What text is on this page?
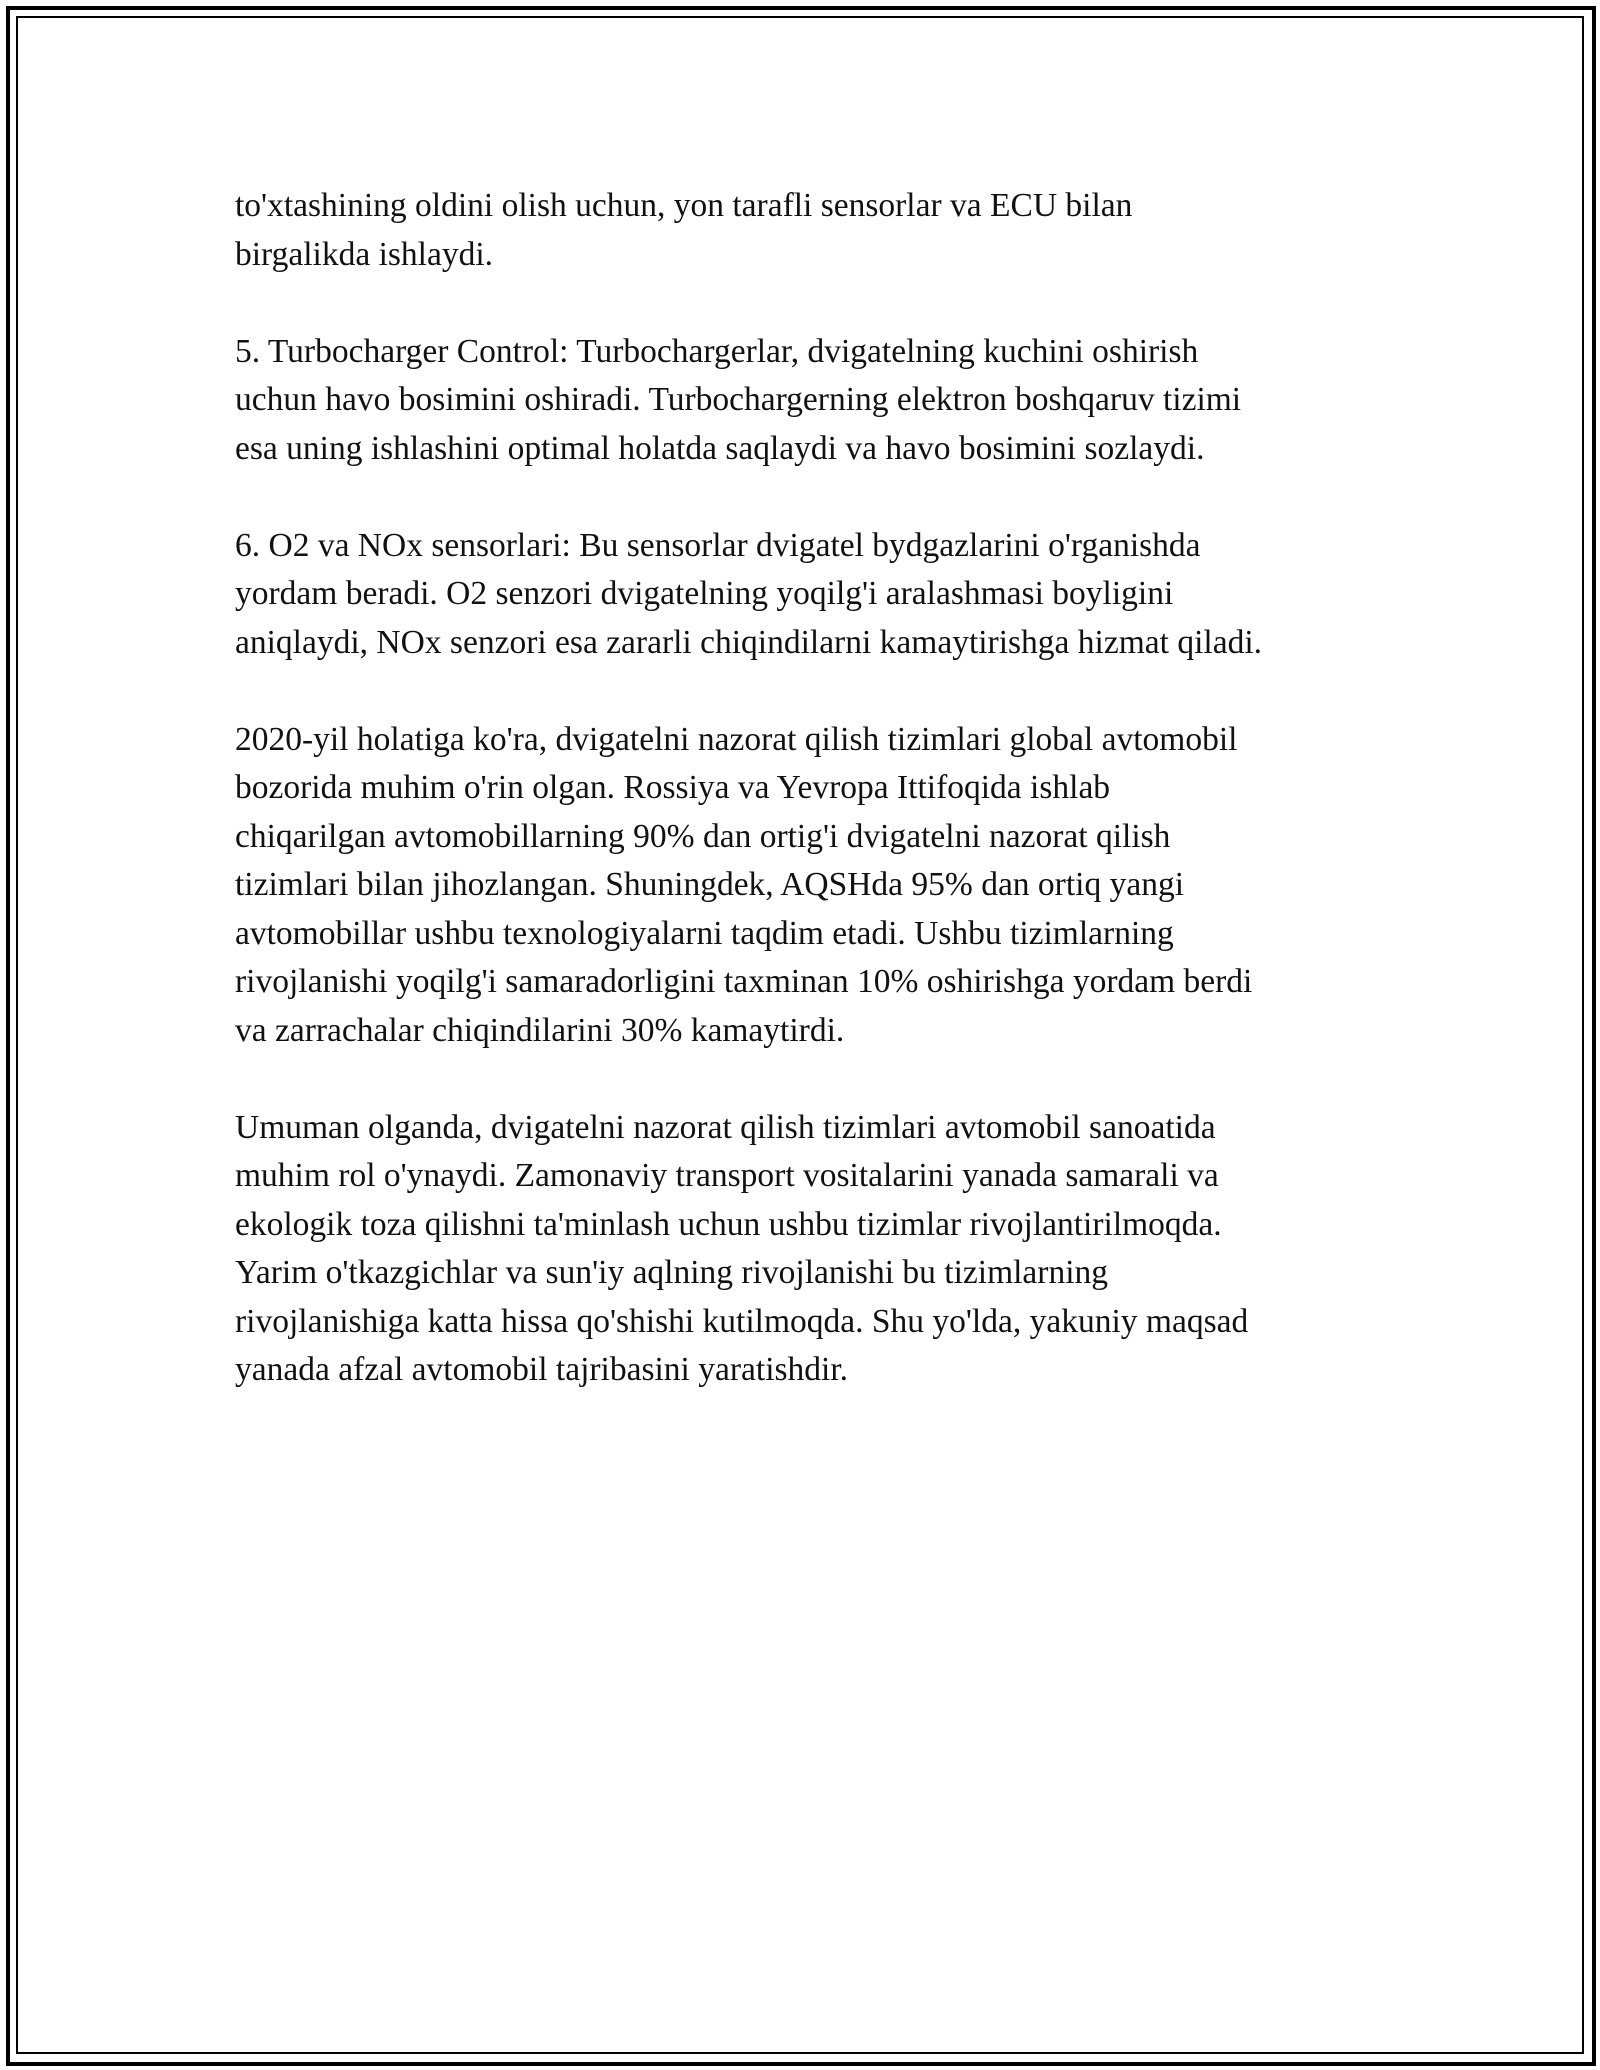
to'xtashining oldini olish uchun, yon tarafli sensorlar va ECU bilan
birgalikda ishlaydi.

5. Turbocharger Control: Turbochargerlar, dvigatelning kuchini oshirish
uchun havo bosimini oshiradi. Turbochargerning elektron boshqaruv tizimi
esa uning ishlashini optimal holatda saqlaydi va havo bosimini sozlaydi.

6. O2 va NOx sensorlari: Bu sensorlar dvigatel bydgazlarini o'rganishda
yordam beradi. O2 senzori dvigatelning yoqilg'i aralashmasi boyligini
aniqlaydi, NOx senzori esa zararli chiqindilarni kamaytirishga hizmat qiladi.

2020-yil holatiga ko'ra, dvigatelni nazorat qilish tizimlari global avtomobil
bozorida muhim o'rin olgan. Rossiya va Yevropa Ittifoqida ishlab
chiqarilgan avtomobillarning 90% dan ortig'i dvigatelni nazorat qilish
tizimlari bilan jihozlangan. Shuningdek, AQSHda 95% dan ortiq yangi
avtomobillar ushbu texnologiyalarni taqdim etadi. Ushbu tizimlarning
rivojlanishi yoqilg'i samaradorligini taxminan 10% oshirishga yordam berdi
va zarrachalar chiqindilarini 30% kamaytirdi.

Umuman olganda, dvigatelni nazorat qilish tizimlari avtomobil sanoatida
muhim rol o'ynaydi. Zamonaviy transport vositalarini yanada samarali va
ekologik toza qilishni ta'minlash uchun ushbu tizimlar rivojlantirilmoqda.
Yarim o'tkazgichlar va sun'iy aqlning rivojlanishi bu tizimlarning
rivojlanishiga katta hissa qo'shishi kutilmoqda. Shu yo'lda, yakuniy maqsad
yanada afzal avtomobil tajribasini yaratishdir.
